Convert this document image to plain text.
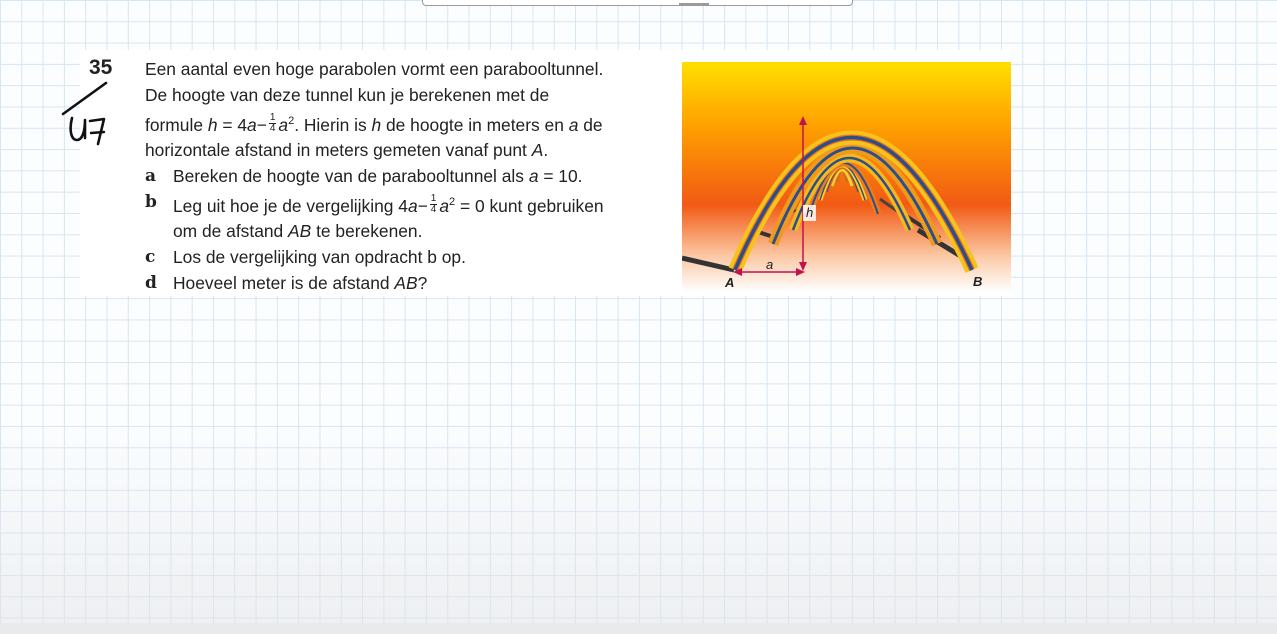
35 Een aantal even hoge parabolen vormt een parabooltunnel.

De hoogte van deze tunnel kun je berekenen met de

formule $h = 4a- \frac{1}{4} a^2$. Hierin is h de hoogte in meters en a de

horizontale afstand in meters gemeten vanaf punt A.

a Bereken de hoogte van de parabooltunnel als a = 10.

b Leg uit hoe je de vergelijking $4a- \frac{1}{4} a^2 = 0$ kunt gebruiken

om de afstand AB te berekenen.

c Los de vergelijking van opdracht b op.

d Hoeveel meter is de afstand AB?

h
a
A	B
